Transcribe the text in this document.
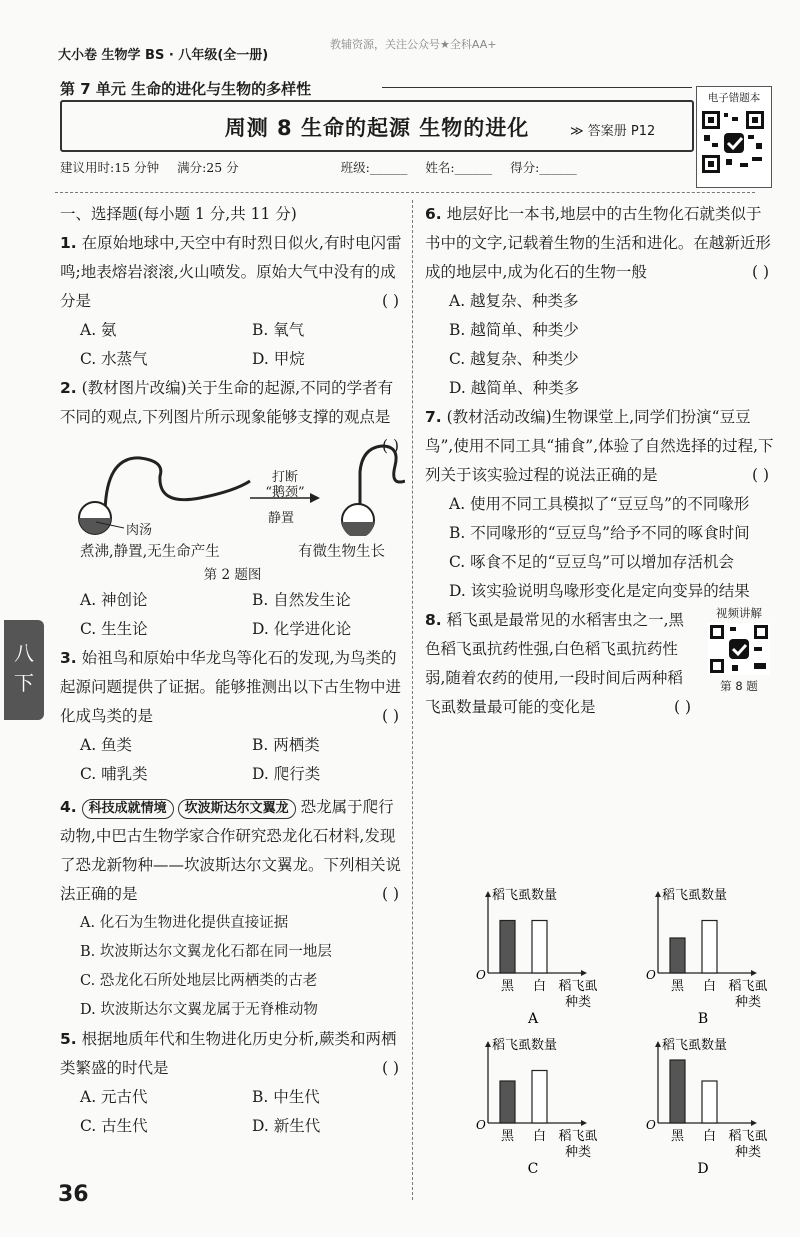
大小卷 生物学 BS · 八年级(全一册)
教辅资源，关注公众号★全科AA+
第 7 单元 生命的进化与生物的多样性
周测 8 生命的起源 生物的进化	≫ 答案册 P12
建议用时:15 分钟 满分:25 分	班级:______ 姓名:______ 得分:______
电子错题本
八下

一、选择题(每小题 1 分,共 11 分)

1. 在原始地球中,天空中有时烈日似火,有时电闪雷鸣;地表熔岩滚滚,火山喷发。原始大气中没有的成分是	( )

A. 氨	B. 氧气
C. 水蒸气	D. 甲烷

2. (教材图片改编)关于生命的起源,不同的学者有不同的观点,下列图片所示现象能够支撑的观点是
( )

肉汤
打断
“鹅颈”
静置
煮沸,静置,无生命产生	有微生物生长

第 2 题图

A. 神创论	B. 自然发生论
C. 生生论	D. 化学进化论

3. 始祖鸟和原始中华龙鸟等化石的发现,为鸟类的起源问题提供了证据。能够推测出以下古生物中进化成鸟类的是	( )

A. 鱼类	B. 两栖类
C. 哺乳类	D. 爬行类

4. 科技成就情境 坎波斯达尔文翼龙 恐龙属于爬行动物,中巴古生物学家合作研究恐龙化石材料,发现了恐龙新物种——坎波斯达尔文翼龙。下列相关说法正确的是	( )

A. 化石为生物进化提供直接证据

B. 坎波斯达尔文翼龙化石都在同一地层

C. 恐龙化石所处地层比两栖类的古老

D. 坎波斯达尔文翼龙属于无脊椎动物

5. 根据地质年代和生物进化历史分析,蕨类和两栖类繁盛的时代是	( )

A. 元古代	B. 中生代
C. 古生代	D. 新生代

6. 地层好比一本书,地层中的古生物化石就类似于书中的文字,记载着生物的生活和进化。在越新近形成的地层中,成为化石的生物一般	( )

A. 越复杂、种类多

B. 越简单、种类少

C. 越复杂、种类少

D. 越简单、种类多

7. (教材活动改编)生物课堂上,同学们扮演“豆豆鸟”,使用不同工具“捕食”,体验了自然选择的过程,下列关于该实验过程的说法正确的是	( )

A. 使用不同工具模拟了“豆豆鸟”的不同喙形

B. 不同喙形的“豆豆鸟”给予不同的啄食时间

C. 啄食不足的“豆豆鸟”可以增加存活机会

D. 该实验说明鸟喙形变化是定向变异的结果

视频讲解
第 8 题

8. 稻飞虱是最常见的水稻害虫之一,黑色稻飞虱抗药性强,白色稻飞虱抗药性弱,随着农药的使用,一段时间后两种稻飞虱数量最可能的变化是	( )

稻飞虱数量
O
黑 白 稻飞虱
种类
A
稻飞虱数量
O
黑 白 稻飞虱
种类
B
稻飞虱数量
O
黑 白 稻飞虱
种类
C
稻飞虱数量
O
黑 白 稻飞虱
种类
D
36
